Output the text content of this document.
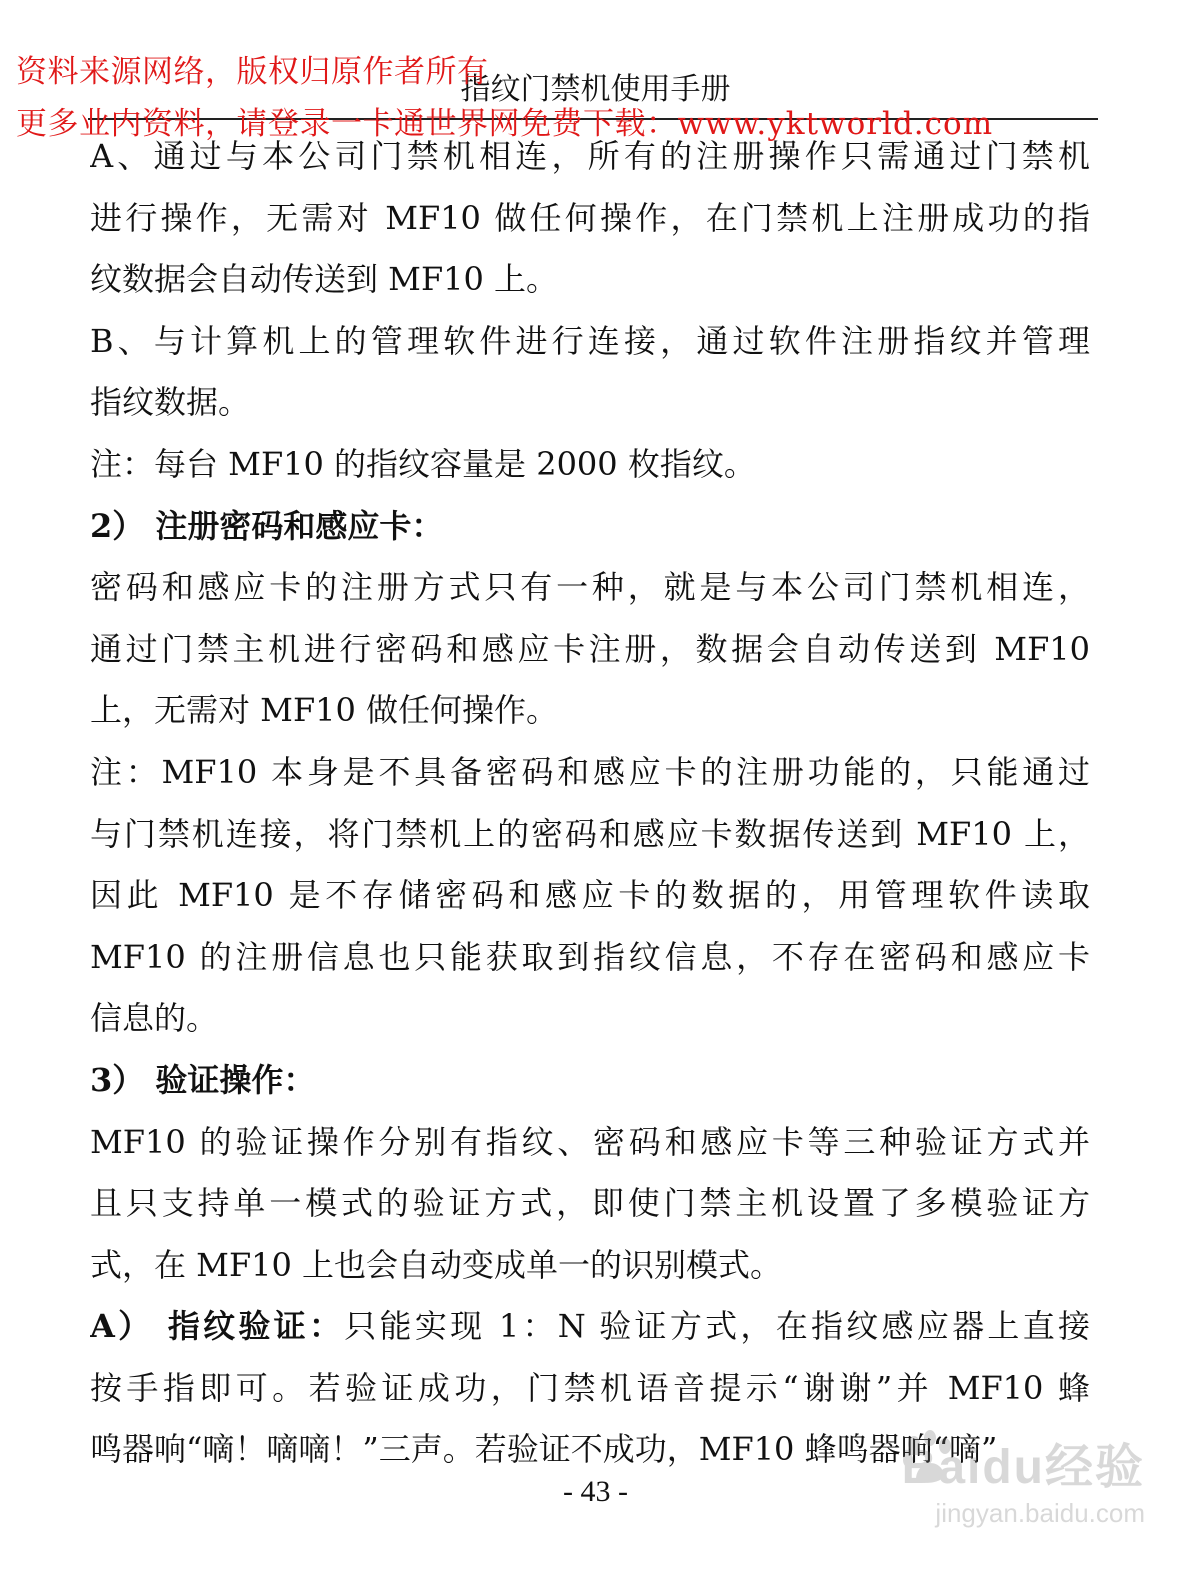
指纹门禁机使用手册
资料来源网络，版权归原作者所有
更多业内资料，请登录一卡通世界网免费下载：www.yktworld.com
A、通过与本公司门禁机相连，所有的注册操作只需通过门禁机
进行操作，无需对 MF10 做任何操作，在门禁机上注册成功的指
纹数据会自动传送到 MF10 上。
B、与计算机上的管理软件进行连接，通过软件注册指纹并管理
指纹数据。
注：每台 MF10 的指纹容量是 2000 枚指纹。
2） 注册密码和感应卡：
密码和感应卡的注册方式只有一种，就是与本公司门禁机相连，
通过门禁主机进行密码和感应卡注册，数据会自动传送到 MF10
上，无需对 MF10 做任何操作。
注：MF10 本身是不具备密码和感应卡的注册功能的，只能通过
与门禁机连接，将门禁机上的密码和感应卡数据传送到 MF10 上，
因此 MF10 是不存储密码和感应卡的数据的，用管理软件读取
MF10 的注册信息也只能获取到指纹信息，不存在密码和感应卡
信息的。
3） 验证操作：
MF10 的验证操作分别有指纹、密码和感应卡等三种验证方式并
且只支持单一模式的验证方式，即使门禁主机设置了多模验证方
式，在 MF10 上也会自动变成单一的识别模式。
A） 指纹验证：只能实现 1：N 验证方式，在指纹感应器上直接
按手指即可。若验证成功，门禁机语音提示“谢谢”并 MF10 蜂
鸣器响“嘀！嘀嘀！”三声。若验证不成功，MF10 蜂鸣器响“嘀”
- 43 -	Baidu经验
jingyan.baidu.com
